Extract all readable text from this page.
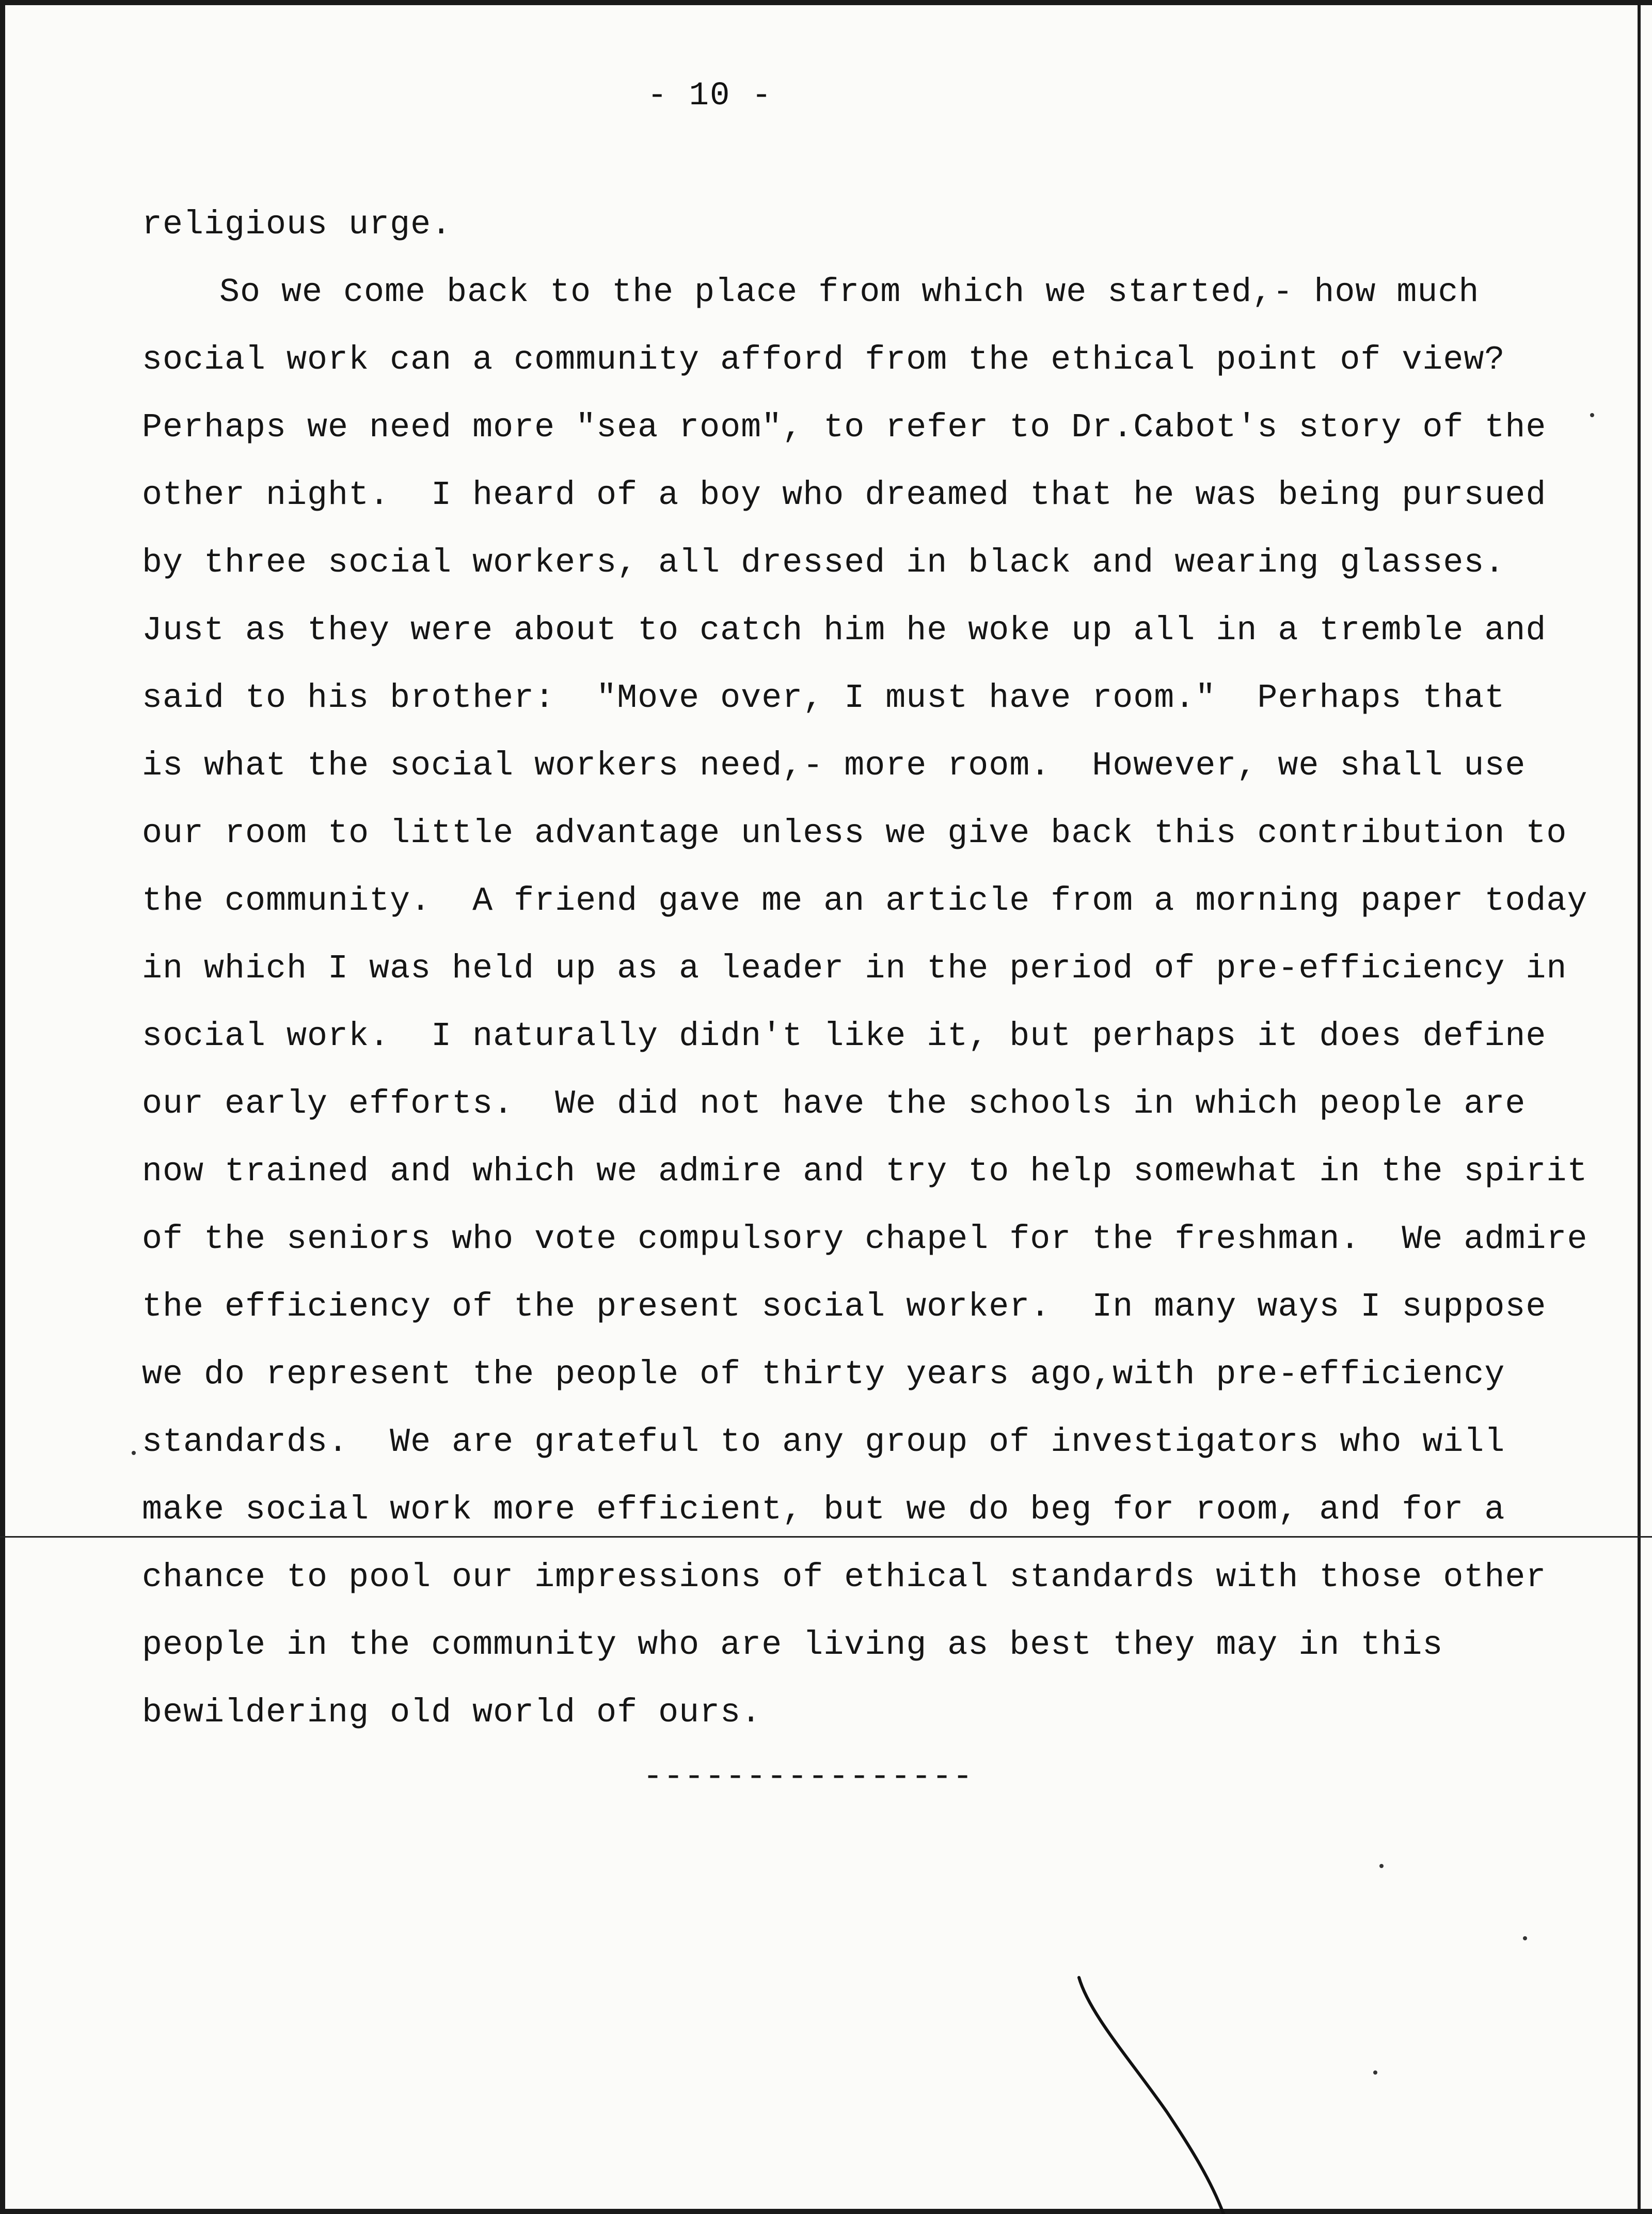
- 10 -
religious urge.
So we come back to the place from which we started,- how much
social work can a community afford from the ethical point of view?
Perhaps we need more "sea room", to refer to Dr.Cabot's story of the
other night.  I heard of a boy who dreamed that he was being pursued
by three social workers, all dressed in black and wearing glasses.
Just as they were about to catch him he woke up all in a tremble and
said to his brother:  "Move over, I must have room."  Perhaps that
is what the social workers need,- more room.  However, we shall use
our room to little advantage unless we give back this contribution to
the community.  A friend gave me an article from a morning paper today
in which I was held up as a leader in the period of pre-efficiency in
social work.  I naturally didn't like it, but perhaps it does define
our early efforts.  We did not have the schools in which people are
now trained and which we admire and try to help somewhat in the spirit
of the seniors who vote compulsory chapel for the freshman.  We admire
the efficiency of the present social worker.  In many ways I suppose
we do represent the people of thirty years ago,with pre-efficiency
standards.  We are grateful to any group of investigators who will
make social work more efficient, but we do beg for room, and for a
chance to pool our impressions of ethical standards with those other
people in the community who are living as best they may in this
bewildering old world of ours.
----------------
